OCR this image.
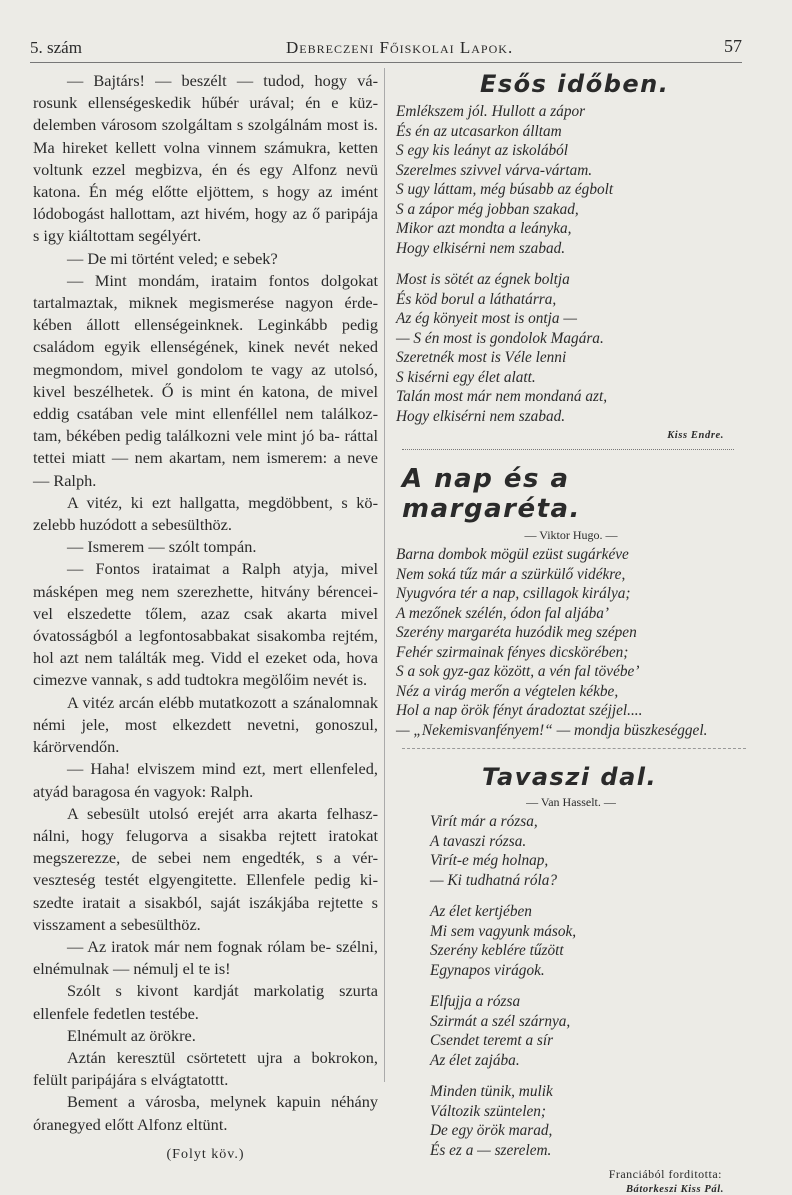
5. szám	Debreczeni Főiskolai Lapok.	57

— Bajtárs! — beszélt — tudod, hogy vá- rosunk ellenségeskedik hűbér urával; én e küz- delemben városom szolgáltam s szolgálnám most is. Ma hireket kellett volna vinnem számukra, ketten voltunk ezzel megbizva, én és egy Alfonz nevü katona. Én még előtte eljöttem, s hogy az imént lódobogást hallottam, azt hivém, hogy az ő paripája s igy kiáltottam segélyért.

— De mi történt veled; e sebek?

— Mint mondám, irataim fontos dolgokat tartalmaztak, miknek megismerése nagyon érde- kében állott ellenségeinknek. Leginkább pedig családom egyik ellenségének, kinek nevét neked megmondom, mivel gondolom te vagy az utolsó, kivel beszélhetek. Ő is mint én katona, de mivel eddig csatában vele mint ellenféllel nem találkoz- tam, békében pedig találkozni vele mint jó ba- ráttal tettei miatt — nem akartam, nem ismerem: a neve — Ralph.

A vitéz, ki ezt hallgatta, megdöbbent, s kö- zelebb huzódott a sebesülthöz.

— Ismerem — szólt tompán.

— Fontos irataimat a Ralph atyja, mivel másképen meg nem szerezhette, hitvány bérencei- vel elszedette tőlem, azaz csak akarta mivel óvatosságból a legfontosabbakat sisakomba rejtém, hol azt nem találták meg. Vidd el ezeket oda, hova cimezve vannak, s add tudtokra megölőim nevét is.

A vitéz arcán elébb mutatkozott a szánalomnak némi jele, most elkezdett nevetni, gonoszul, kárörvendőn.

— Haha! elviszem mind ezt, mert ellenfeled, atyád baragosa én vagyok: Ralph.

A sebesült utolsó erejét arra akarta felhasz- nálni, hogy felugorva a sisakba rejtett iratokat megszerezze, de sebei nem engedték, s a vér- veszteség testét elgyengitette. Ellenfele pedig ki- szedte iratait a sisakból, saját iszákjába rejtette s visszament a sebesülthöz.

— Az iratok már nem fognak rólam be- szélni, elnémulnak — némulj el te is!

Szólt s kivont kardját markolatig szurta ellenfele fedetlen testébe.

Elnémult az örökre.

Aztán keresztül csörtetett ujra a bokrokon, felült paripájára s elvágtatottt.

Bement a városba, melynek kapuin néhány óranegyed előtt Alfonz eltünt.

(Folyt köv.)
Esős időben.
Emlékszem jól. Hullott a zápor
És én az utcasarkon álltam
S egy kis leányt az iskolából
Szerelmes szivvel várva-vártam.
S ugy láttam, még búsabb az égbolt
S a zápor még jobban szakad,
Mikor azt mondta a leányka,
Hogy elkisérni nem szabad.
Most is sötét az égnek boltja
És köd borul a láthatárra,
Az ég könyeit most is ontja —
— S én most is gondolok Magára.
Szeretnék most is Véle lenni
S kisérni egy élet alatt.
Talán most már nem mondaná azt,
Hogy elkisérni nem szabad.
Kiss Endre.
A nap és a margaréta.
— Viktor Hugo. —
Barna dombok mögül ezüst sugárkéve
Nem soká tűz már a szürkülő vidékre,
Nyugvóra tér a nap, csillagok királya;
A mezőnek szélén, ódon fal aljába’
Szerény margaréta huzódik meg szépen
Fehér szirmainak fényes dicskörében;
S a sok gyz-gaz között, a vén fal tövébe’
Néz a virág merőn a végtelen kékbe,
Hol a nap örök fényt áradoztat széjjel....
— „Nekemisvanfényem!“ — mondja büszkeséggel.
Tavaszi dal.
— Van Hasselt. —
Virít már a rózsa,
A tavaszi rózsa.
Virít-e még holnap,
— Ki tudhatná róla?
Az élet kertjében
Mi sem vagyunk mások,
Szerény keblére tűzött
Egynapos virágok.
Elfujja a rózsa
Szirmát a szél szárnya,
Csendet teremt a sír
Az élet zajába.
Minden tünik, mulik
Változik szüntelen;
De egy örök marad,
És ez a — szerelem.
Franciából forditotta:
Bátorkeszi Kiss Pál.
